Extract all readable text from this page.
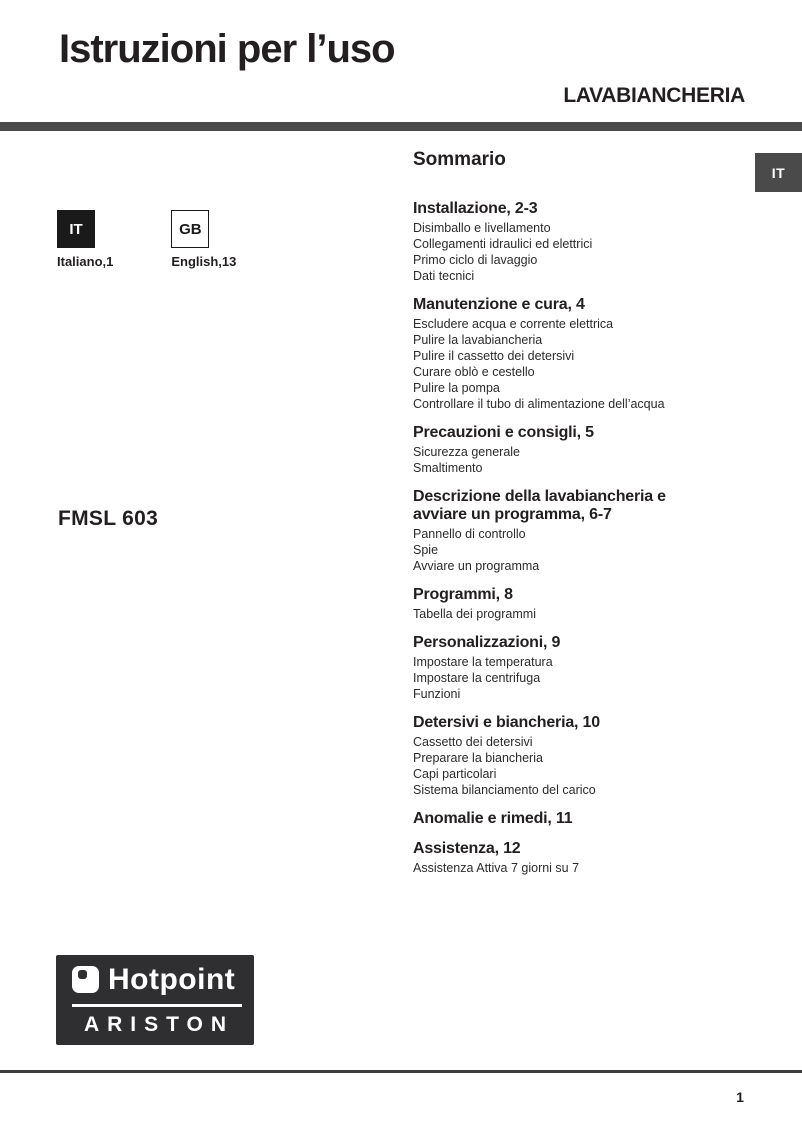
Istruzioni per l’uso
LAVABIANCHERIA
IT
IT
Italiano,1
GB
English,13
FMSL 603
Sommario
Installazione, 2-3
Disimballo e livellamento
Collegamenti idraulici ed elettrici
Primo ciclo di lavaggio
Dati tecnici
Manutenzione e cura, 4
Escludere acqua e corrente elettrica
Pulire la lavabiancheria
Pulire il cassetto dei detersivi
Curare oblò e cestello
Pulire la pompa
Controllare il tubo di alimentazione dell’acqua
Precauzioni e consigli, 5
Sicurezza generale
Smaltimento
Descrizione della lavabiancheria e avviare un programma, 6-7
Pannello di controllo
Spie
Avviare un programma
Programmi, 8
Tabella dei programmi
Personalizzazioni, 9
Impostare la temperatura
Impostare la centrifuga
Funzioni
Detersivi e biancheria, 10
Cassetto dei detersivi
Preparare la biancheria
Capi particolari
Sistema bilanciamento del carico
Anomalie e rimedi, 11
Assistenza, 12
Assistenza Attiva 7 giorni su 7
Hotpoint
ARISTON
1
